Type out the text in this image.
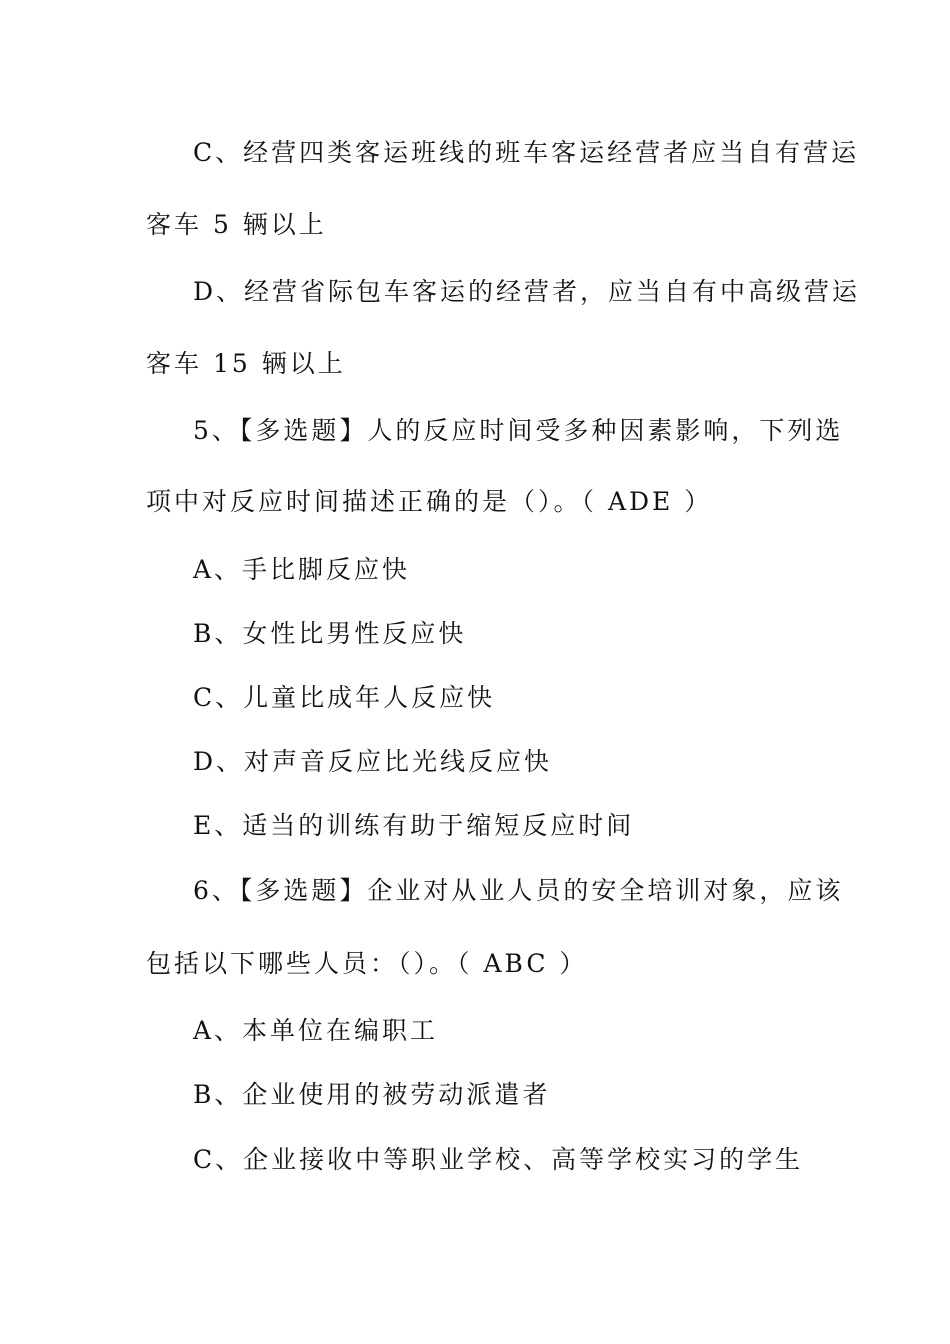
C、经营四类客运班线的班车客运经营者应当自有营运
客车 5 辆以上
D、经营省际包车客运的经营者，应当自有中高级营运
客车 15 辆以上
5、【多选题】人的反应时间受多种因素影响，下列选
项中对反应时间描述正确的是（）。（ ADE ）
A、手比脚反应快
B、女性比男性反应快
C、儿童比成年人反应快
D、对声音反应比光线反应快
E、适当的训练有助于缩短反应时间
6、【多选题】企业对从业人员的安全培训对象，应该
包括以下哪些人员：（）。（ ABC ）
A、本单位在编职工
B、企业使用的被劳动派遣者
C、企业接收中等职业学校、高等学校实习的学生
